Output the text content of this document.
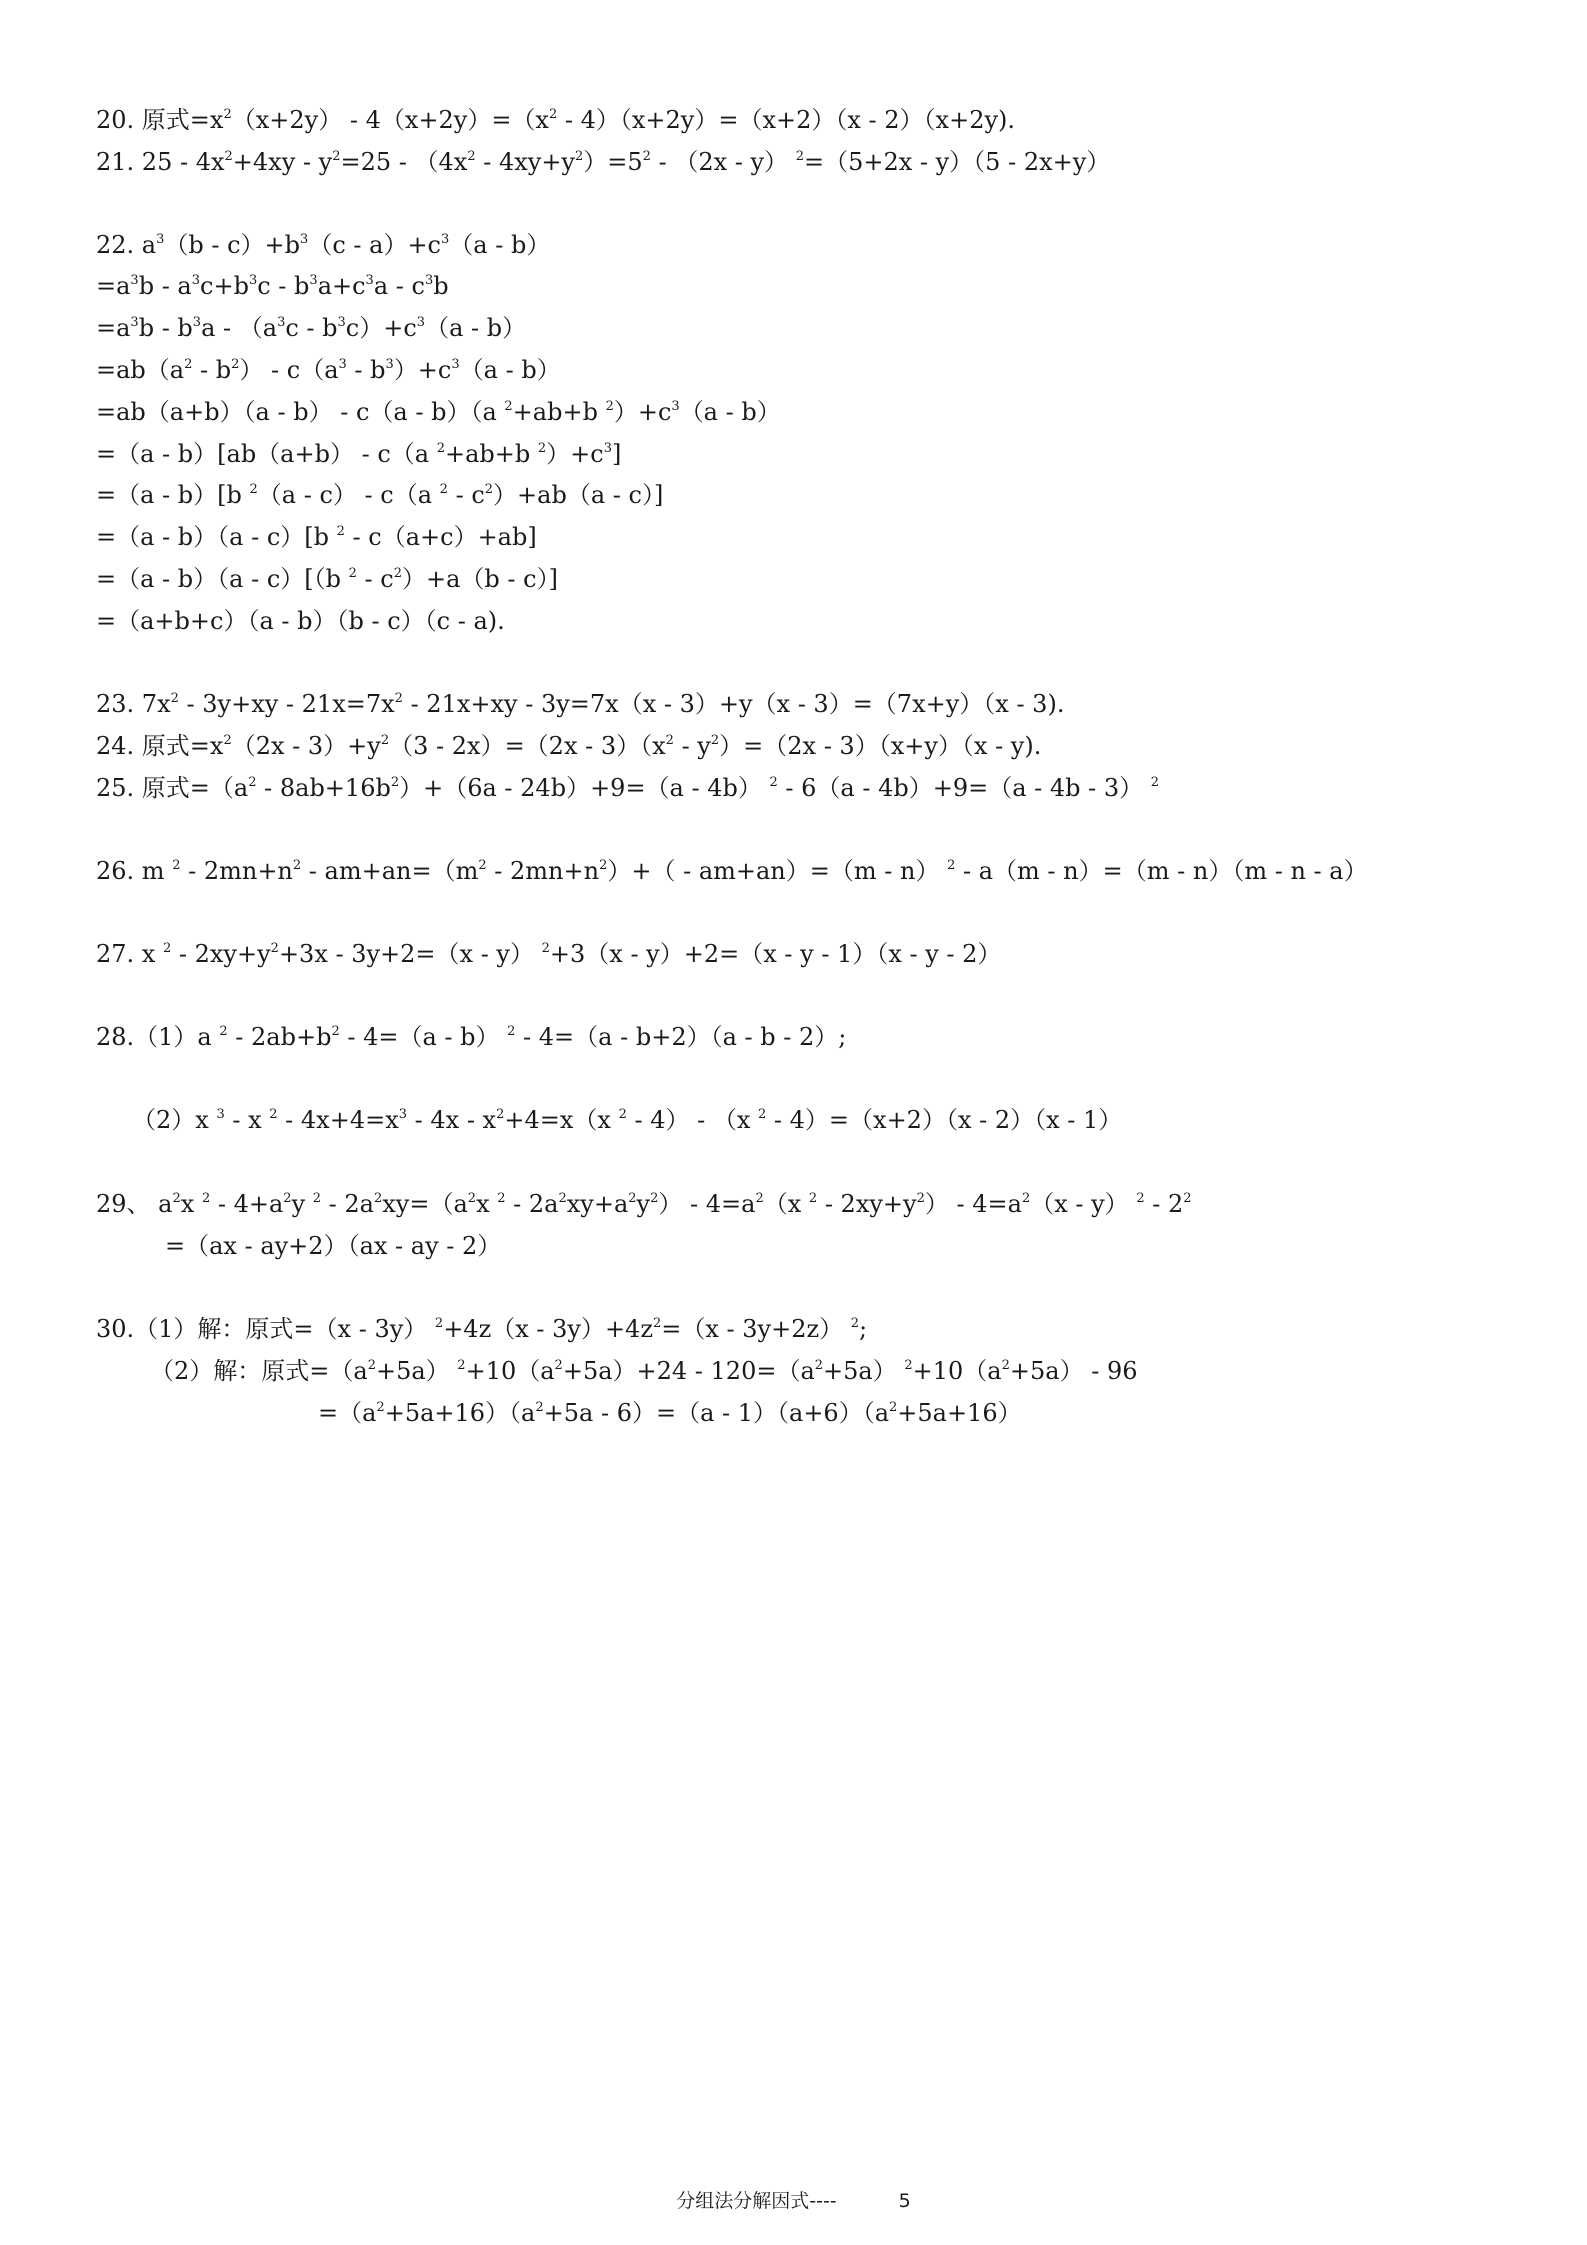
20. 原式$=x^2(x+2y) - 4(x+2y)=(x^2 - 4)(x+2y)=(x+2)(x - 2)(x+2y)$.
21. $25 - 4x^2+4xy - y^2=25 - (4x^2 - 4xy+y^2)=5^2 - (2x - y)$ $^2$=（5+2x - y）（5 - 2x+y）
22. $a^3(b - c)+b^3(c - a)+c^3(a - b)$
$=a^3b - a^3c+b^3c - b^3a+c^3a - c^3b$
$=a^3b - b^3a - (a^3c - b^3c)+c^3(a - b)$
$=ab(a^2 - b^2) - c(a^3 - b^3)+c^3(a - b)$
=ab（a+b）（a - b） - c（a - b）（a $^2$+ab+b $^2)+c^3(a - b)$
=（a - b）[ab（a+b） - c（a $^2$+ab+b $^2)+c^3$]
=（a - b）[b $^2$（a - c） - c（a $^2 - c^2)+ab(a - c)$]
=（a - b）（a - c）[b $^2$ - c（a+c）+ab]
=（a - b）（a - c）[（b $^2 - c^2)+a(b - c)$]
=（a+b+c）（a - b）（b - c）（c - a).
23. $7x^2 - 3y+xy - 21x=7x^2 - 21x+xy - 3y=7x(x - 3)+y(x - 3)=(7x+y)(x - 3)$.
24. 原式$=x^2(2x - 3)+y^2(3 - 2x)=(2x - 3)(x^2 - y^2)=(2x - 3)(x+y)(x - y)$.
25. 原式$=(a^2 - 8ab+16b^2)+(6a - 24b)+9=(a - 4b)$ $^2$ - 6（a - 4b）+9=（a - 4b - 3） $^2$
26. m $^2 - 2mn+n^2 - am+an=(m^2 - 2mn+n^2)+( - am+an)=(m - n)$ $^2$ - a（m - n）=（m - n）（m - n - a）
27. x $^2 - 2xy+y^2+3x - 3y+2=(x - y)$ $^2$+3（x - y）+2=（x - y - 1）（x - y - 2）
28.（1）a $^2 - 2ab+b^2 - 4=(a - b)$ $^2$ - 4=（a - b+2）（a - b - 2）;
（2）x $^3$ - x $^2 - 4x+4=x^3 - 4x - x^2+4=x(x$ $^2$ - 4） - （x $^2$ - 4）=（x+2）（x - 2）（x - 1）
29、 $a^2x$ $^2 - 4+a^2y$ $^2 - 2a^2xy=(a^2x$ $^2 - 2a^2xy+a^2y^2) - 4=a^2(x$ $^2 - 2xy+y^2) - 4=a^2(x - y)$ $^2 - 2^2$
=（ax - ay+2）（ax - ay - 2）
30.（1）解：原式=（x - 3y） $^2+4z(x - 3y)+4z^2=(x - 3y+2z)$ $^2$;
（2）解：原式$=(a^2+5a)$ $^2+10(a^2+5a)+24 - 120=(a^2+5a)$ $^2+10(a^2+5a) - 96$
$=(a^2+5a+16)(a^2+5a - 6)=(a - 1)(a+6)(a^2+5a+16)$
分组法分解因式----	5
